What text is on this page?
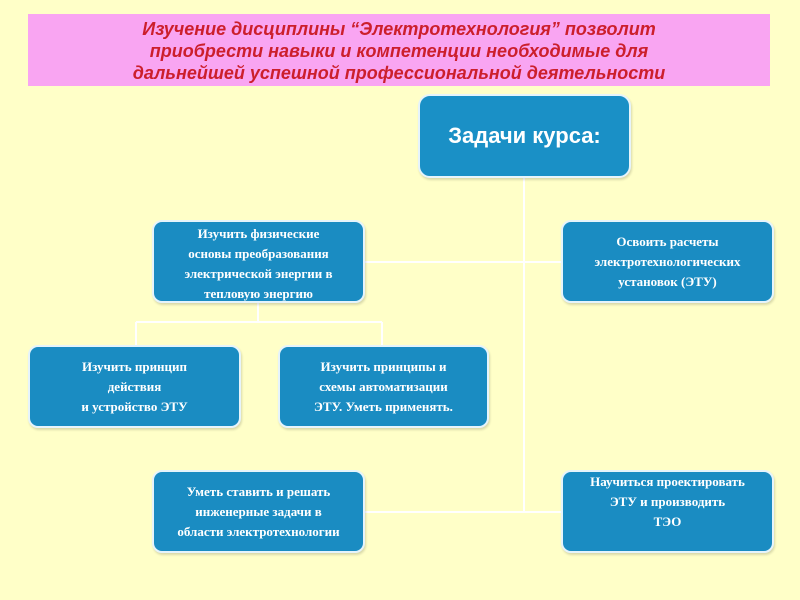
Изучение дисциплины “Электротехнология” позволит
приобрести навыки и компетенции необходимые для
дальнейшей успешной профессиональной деятельности
Задачи курса:
Изучить физические
основы преобразования
электрической энергии в
тепловую энергию
Освоить расчеты
электротехнологических
установок (ЭТУ)
Изучить принцип
действия
и устройство ЭТУ
Изучить принципы и
схемы автоматизации
ЭТУ. Уметь применять.
Уметь ставить и решать
инженерные задачи в
области электротехнологии
Научиться проектировать
ЭТУ и производить
ТЭО
